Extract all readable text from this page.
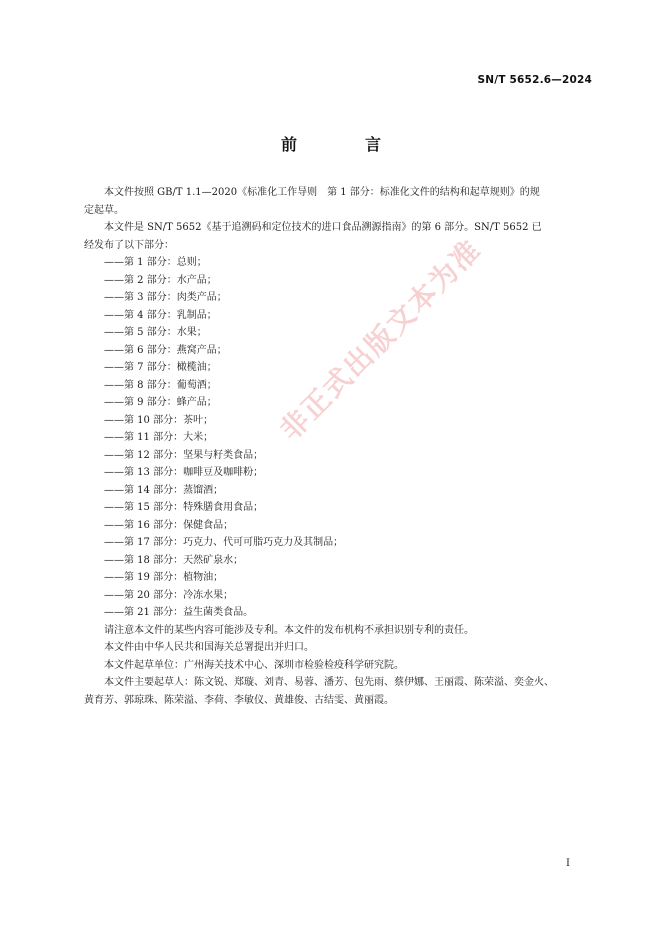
SN/T 5652.6—2024
前　言

本文件按照 GB/T 1.1—2020《标准化工作导则　第 1 部分：标准化文件的结构和起草规则》的规

定起草。

本文件是 SN/T 5652《基于追溯码和定位技术的进口食品溯源指南》的第 6 部分。SN/T 5652 已

经发布了以下部分：

——第 1 部分：总则；

——第 2 部分：水产品；

——第 3 部分：肉类产品；

——第 4 部分：乳制品；

——第 5 部分：水果；

——第 6 部分：燕窝产品；

——第 7 部分：橄榄油；

——第 8 部分：葡萄酒；

——第 9 部分：蜂产品；

——第 10 部分：茶叶；

——第 11 部分：大米；

——第 12 部分：坚果与籽类食品；

——第 13 部分：咖啡豆及咖啡粉；

——第 14 部分：蒸馏酒；

——第 15 部分：特殊膳食用食品；

——第 16 部分：保健食品；

——第 17 部分：巧克力、代可可脂巧克力及其制品；

——第 18 部分：天然矿泉水；

——第 19 部分：植物油；

——第 20 部分：冷冻水果；

——第 21 部分：益生菌类食品。

请注意本文件的某些内容可能涉及专利。本文件的发布机构不承担识别专利的责任。

本文件由中华人民共和国海关总署提出并归口。

本文件起草单位：广州海关技术中心、深圳市检验检疫科学研究院。

本文件主要起草人：陈文锐、郑璇、刘青、易蓉、潘芳、包先雨、蔡伊娜、王丽霞、陈荣溢、奕金火、

黄育芳、郭琼珠、陈荣溢、李荷、李敏仪、黄雄俊、古结雯、黄丽霞。

非正式出版文本为准
I
